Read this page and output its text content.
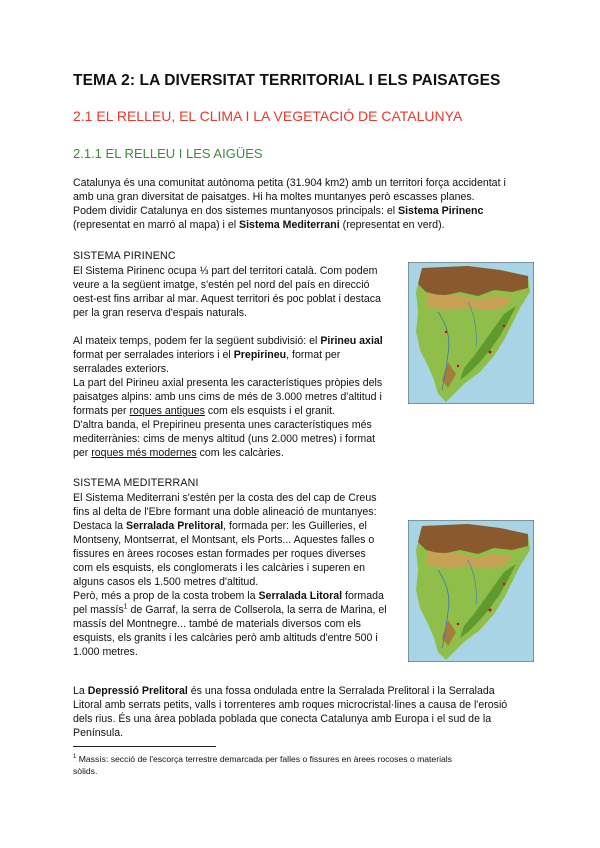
TEMA 2: LA DIVERSITAT TERRITORIAL I ELS PAISATGES
2.1 EL RELLEU, EL CLIMA I LA VEGETACIÓ DE CATALUNYA
2.1.1 EL RELLEU I LES AIGÜES
Catalunya és una comunitat autònoma petita (31.904 km2) amb un territori força accidentat i
amb una gran diversitat de paisatges. Hi ha moltes muntanyes però escasses planes.
Podem dividir Catalunya en dos sistemes muntanyosos principals: el Sistema Pirinenc
(representat en marró al mapa) i el Sistema Mediterrani (representat en verd).
SISTEMA PIRINENC
El Sistema Pirinenc ocupa ⅓ part del territori català. Com podem
veure a la següent imatge, s'estén pel nord del país en direcció
oest-est fins arribar al mar. Aquest territori és poc poblat i destaca
per la gran reserva d'espais naturals.
Al mateix temps, podem fer la següent subdivisió: el Pirineu axial
format per serralades interiors i el Prepirineu, format per
serralades exteriors.
La part del Pirineu axial presenta les característiques pròpies dels
paisatges alpins: amb uns cims de més de 3.000 metres d'altitud i
formats per roques antigues com els esquists i el granit.
D'altra banda, el Prepirineu presenta unes característiques més
mediterrànies: cims de menys altitud (uns 2.000 metres) i format
per roques més modernes com les calcàries.
SISTEMA MEDITERRANI
El Sistema Mediterrani s'estén per la costa des del cap de Creus
fins al delta de l'Ebre formant una doble alineació de muntanyes:
Destaca la Serralada Prelitoral, formada per: les Guilleries, el
Montseny, Montserrat, el Montsant, els Ports... Aquestes falles o
fissures en àrees rocoses estan formades per roques diverses
com els esquists, els conglomerats i les calcàries i superen en
alguns casos els 1.500 metres d'altitud.
Però, més a prop de la costa trobem la Serralada Litoral formada
pel massís$^1$ de Garraf, la serra de Collserola, la serra de Marina, el
massís del Montnegre... també de materials diversos com els
esquists, els granits i les calcàries però amb altituds d'entre 500 i
1.000 metres.
La Depressió Prelitoral és una fossa ondulada entre la Serralada Prelitoral i la Serralada
Litoral amb serrats petits, valls i torrenteres amb roques microcristal·lines a causa de l'erosió
dels rius. És una àrea poblada poblada que conecta Catalunya amb Europa i el sud de la
Península.
$^1$ Massís: secció de l'escorça terrestre demarcada per falles o fissures en àrees rocoses o materials
sòlids.
